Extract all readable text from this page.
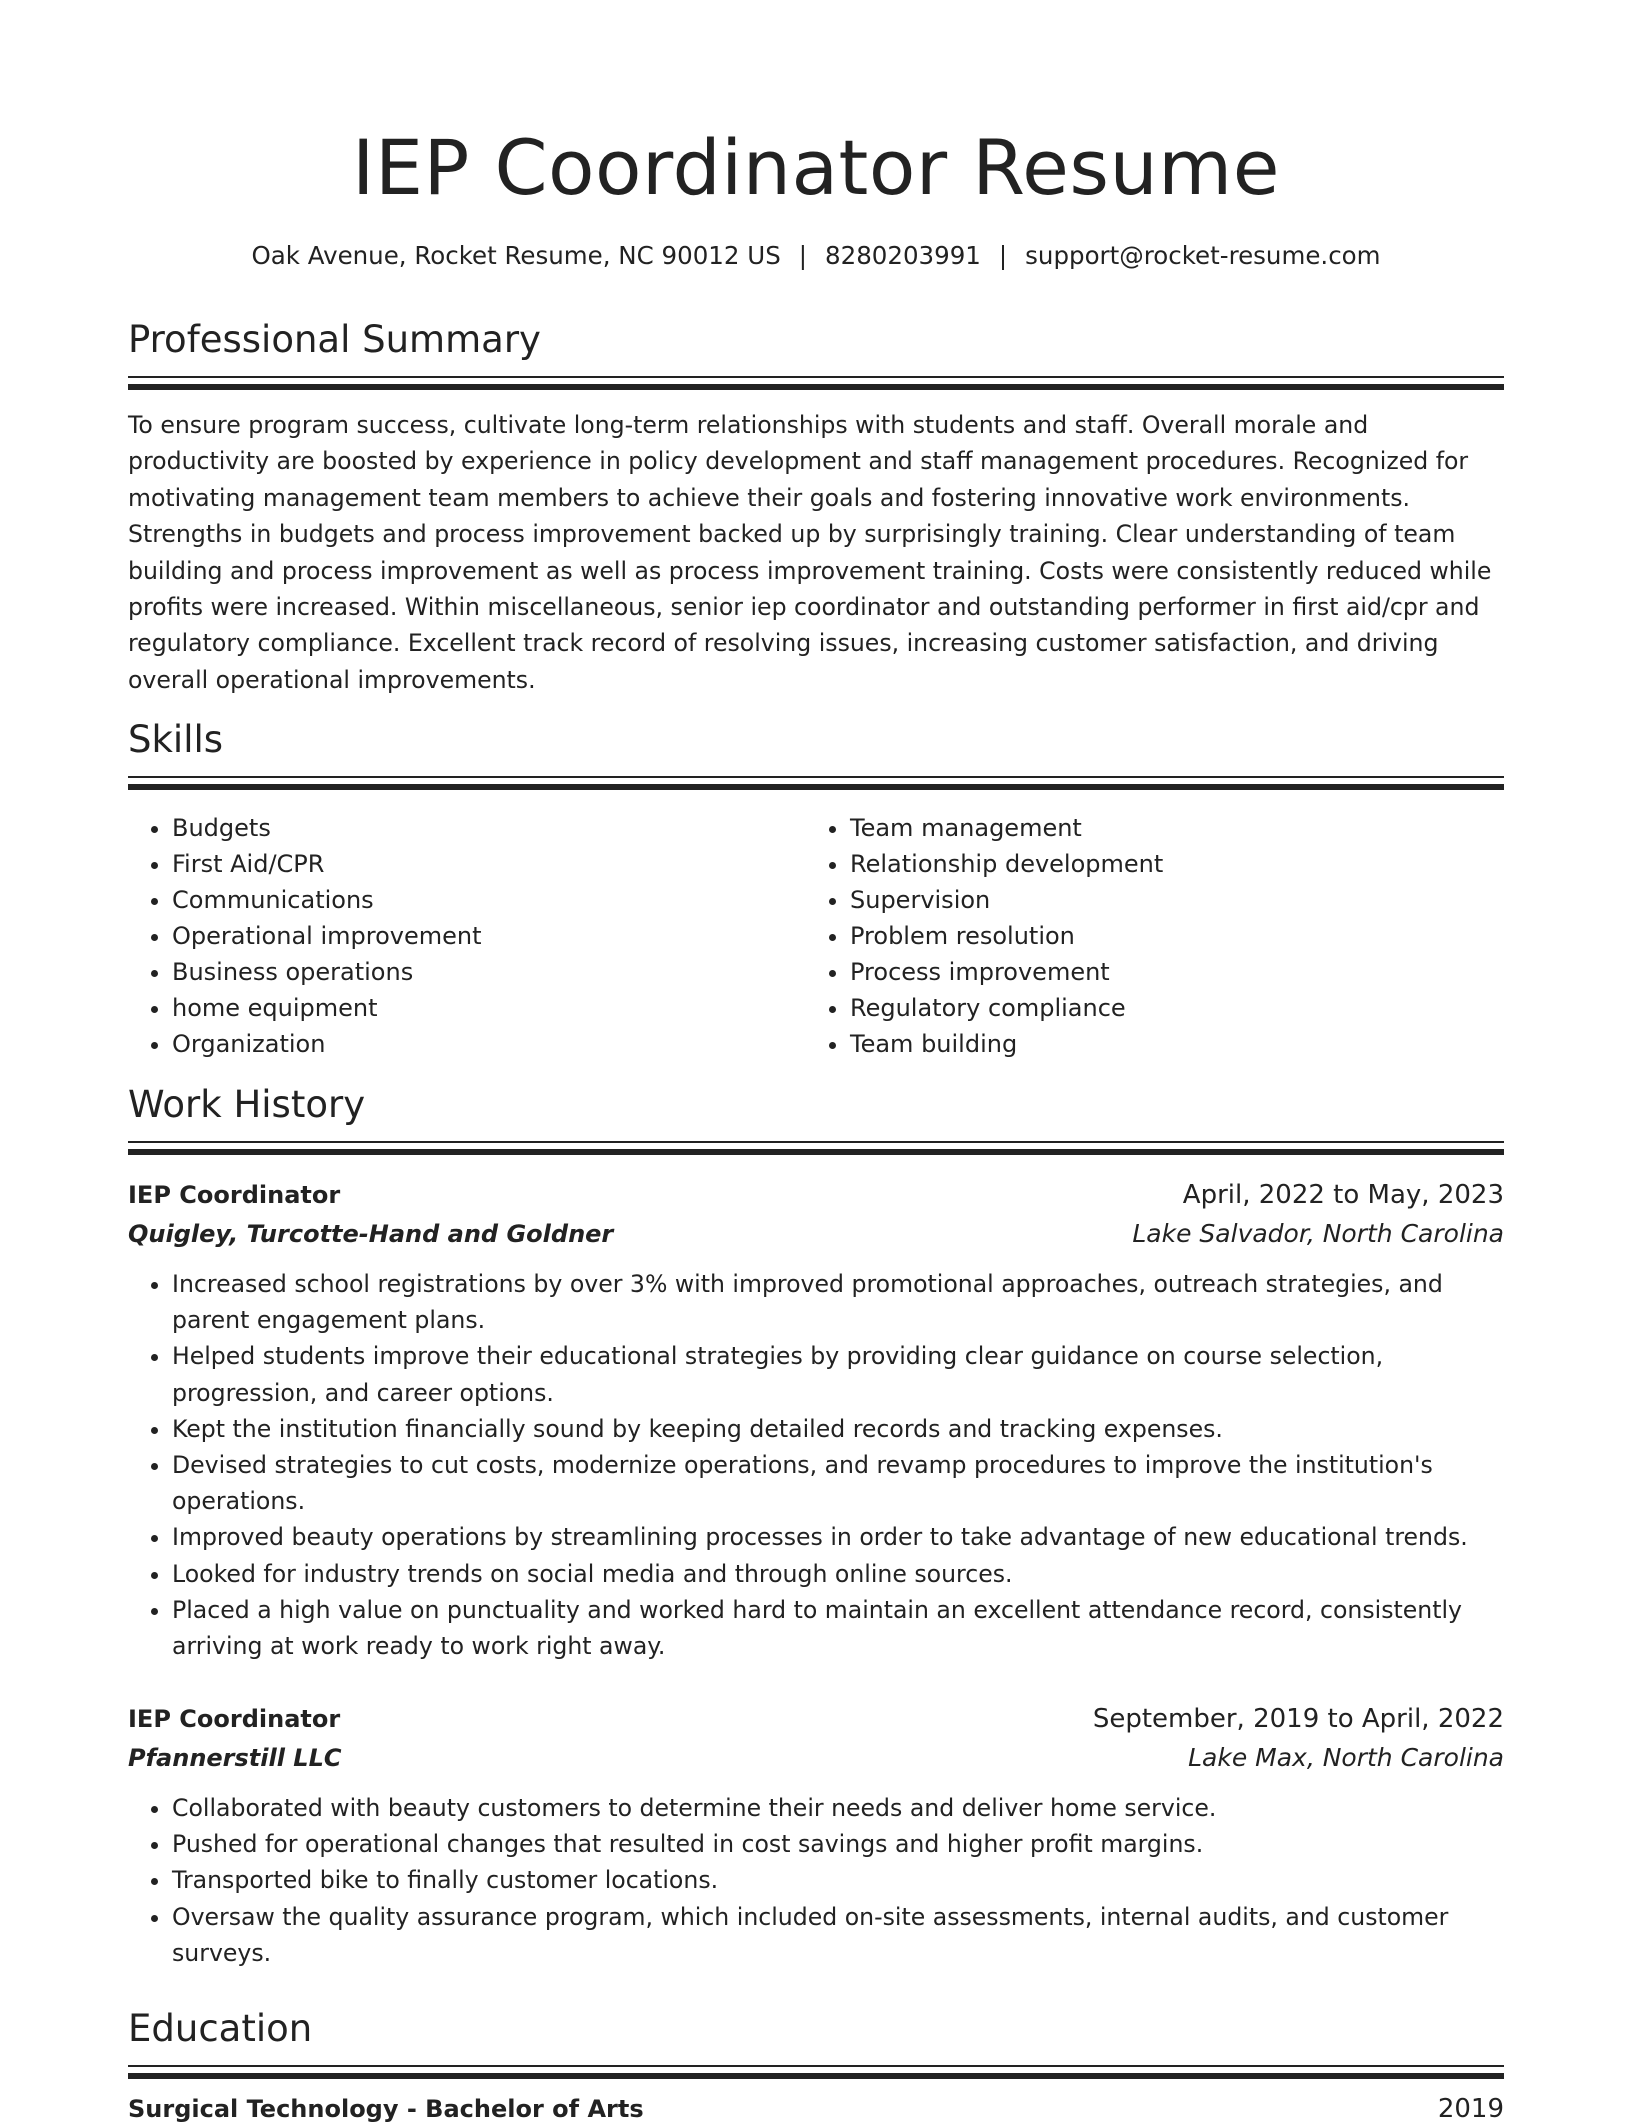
IEP Coordinator Resume
Oak Avenue, Rocket Resume, NC 90012 US | 8280203991 | support@rocket-resume.com
Professional Summary

To ensure program success, cultivate long-term relationships with students and staff. Overall morale and productivity are boosted by experience in policy development and staff management procedures. Recognized for motivating management team members to achieve their goals and fostering innovative work environments. Strengths in budgets and process improvement backed up by surprisingly training. Clear understanding of team building and process improvement as well as process improvement training. Costs were consistently reduced while profits were increased. Within miscellaneous, senior iep coordinator and outstanding performer in first aid/cpr and regulatory compliance. Excellent track record of resolving issues, increasing customer satisfaction, and driving overall operational improvements.

Skills
• Budgets
• First Aid/CPR
• Communications
• Operational improvement
• Business operations
• home equipment
• Organization
• Team management
• Relationship development
• Supervision
• Problem resolution
• Process improvement
• Regulatory compliance
• Team building
Work History
IEP Coordinator	April, 2022 to May, 2023
Quigley, Turcotte-Hand and Goldner	Lake Salvador, North Carolina
• Increased school registrations by over 3% with improved promotional approaches, outreach strategies, and parent engagement plans.
• Helped students improve their educational strategies by providing clear guidance on course selection, progression, and career options.
• Kept the institution financially sound by keeping detailed records and tracking expenses.
• Devised strategies to cut costs, modernize operations, and revamp procedures to improve the institution's operations.
• Improved beauty operations by streamlining processes in order to take advantage of new educational trends.
• Looked for industry trends on social media and through online sources.
• Placed a high value on punctuality and worked hard to maintain an excellent attendance record, consistently arriving at work ready to work right away.
IEP Coordinator	September, 2019 to April, 2022
Pfannerstill LLC	Lake Max, North Carolina
• Collaborated with beauty customers to determine their needs and deliver home service.
• Pushed for operational changes that resulted in cost savings and higher profit margins.
• Transported bike to finally customer locations.
• Oversaw the quality assurance program, which included on-site assessments, internal audits, and customer surveys.
Education
Surgical Technology - Bachelor of Arts	2019
